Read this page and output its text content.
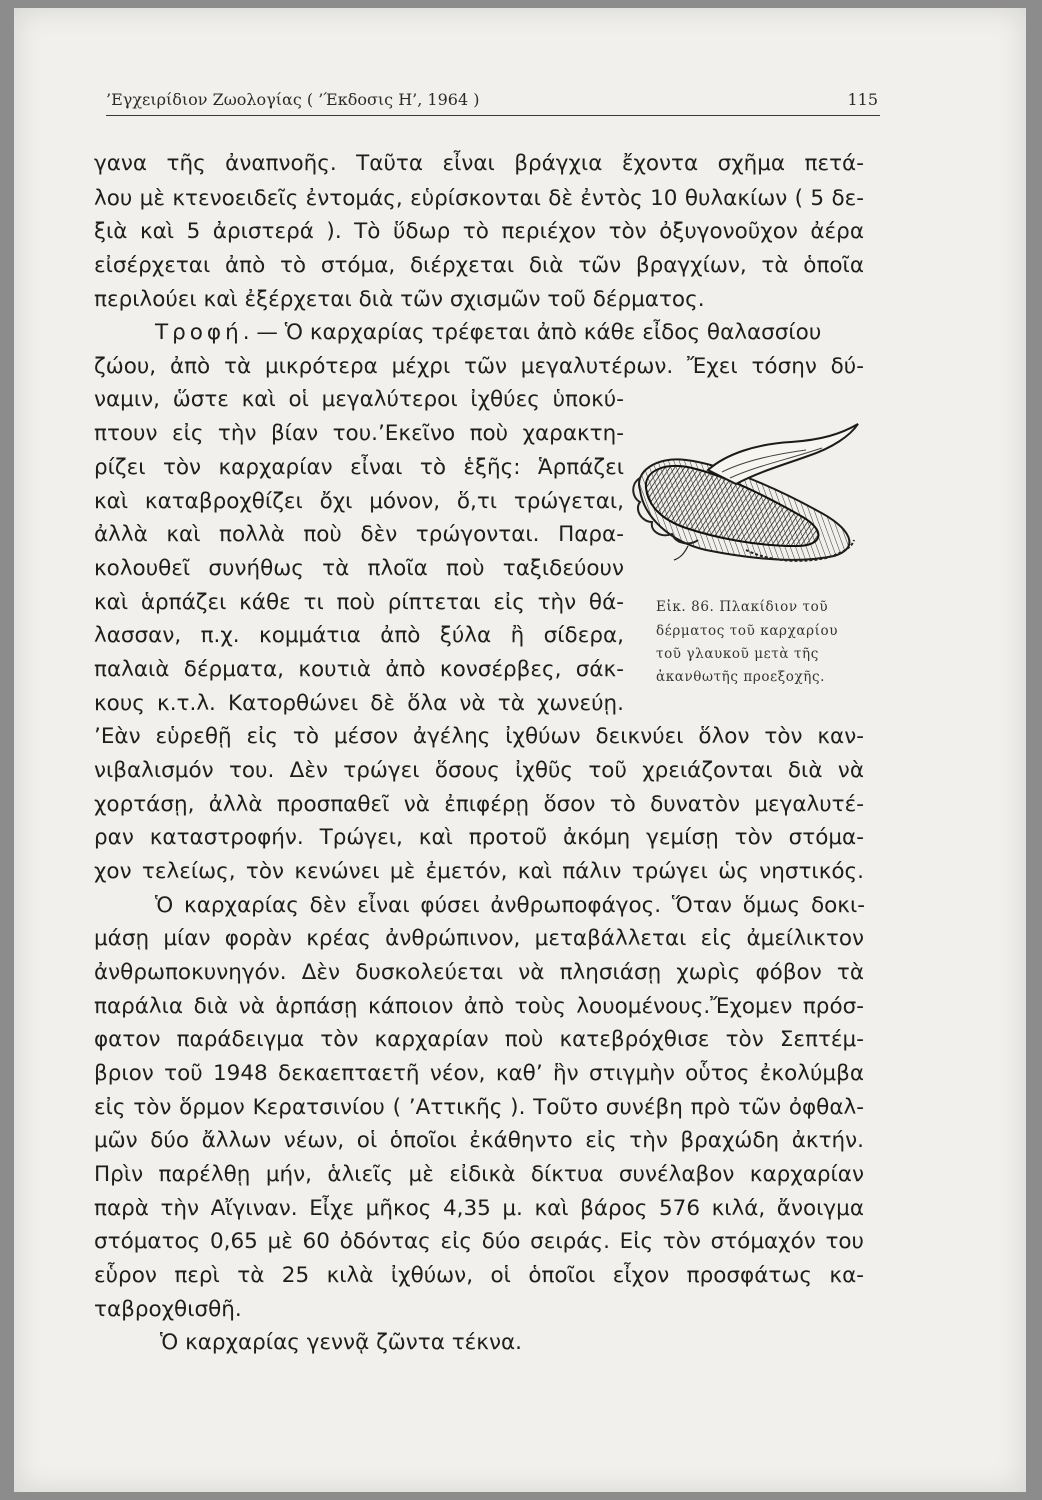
’Εγχειρίδιον Ζωολογίας ( ’Έκδοσις Η’, 1964 )	115
γανα τῆς ἀναπνοῆς. Ταῦτα εἶναι βράγχια ἔχοντα σχῆμα πετά-
λου μὲ κτενοειδεῖς ἐντομάς, εὑρίσκονται δὲ ἐντὸς 10 θυλακίων ( 5 δε-
ξιὰ καὶ 5 ἀριστερά ). Τὸ ὕδωρ τὸ περιέχον τὸν ὀξυγονοῦχον ἀέρα
εἰσέρχεται ἀπὸ τὸ στόμα, διέρχεται διὰ τῶν βραγχίων, τὰ ὁποῖα
περιλούει καὶ ἐξέρχεται διὰ τῶν σχισμῶν τοῦ δέρματος.
Τροφή. — Ὁ καρχαρίας τρέφεται ἀπὸ κάθε εἶδος θαλασσίου
ζώου, ἀπὸ τὰ μικρότερα μέχρι τῶν μεγαλυτέρων. Ἔχει τόσην δύ-
ναμιν, ὥστε καὶ οἱ μεγαλύτεροι ἰχθύες ὑποκύ-
πτουν εἰς τὴν βίαν του.’Εκεῖνο ποὺ χαρακτη-
ρίζει τὸν καρχαρίαν εἶναι τὸ ἑξῆς: Ἁρπάζει
καὶ καταβροχθίζει ὄχι μόνον, ὅ,τι τρώγεται,
ἀλλὰ καὶ πολλὰ ποὺ δὲν τρώγονται. Παρα-
κολουθεῖ συνήθως τὰ πλοῖα ποὺ ταξιδεύουν
καὶ ἁρπάζει κάθε τι ποὺ ρίπτεται εἰς τὴν θά-
λασσαν, π.χ. κομμάτια ἀπὸ ξύλα ἢ σίδερα,
παλαιὰ δέρματα, κουτιὰ ἀπὸ κονσέρβες, σάκ-
κους κ.τ.λ. Κατορθώνει δὲ ὅλα νὰ τὰ χωνεύῃ.
’Εὰν εὑρεθῇ εἰς τὸ μέσον ἀγέλης ἰχθύων δεικνύει ὅλον τὸν καν-
νιβαλισμόν του. Δὲν τρώγει ὅσους ἰχθῦς τοῦ χρειάζονται διὰ νὰ
χορτάσῃ, ἀλλὰ προσπαθεῖ νὰ ἐπιφέρῃ ὅσον τὸ δυνατὸν μεγαλυτέ-
ραν καταστροφήν. Τρώγει, καὶ προτοῦ ἀκόμη γεμίσῃ τὸν στόμα-
χον τελείως, τὸν κενώνει μὲ ἐμετόν, καὶ πάλιν τρώγει ὡς νηστικός.
Ὁ καρχαρίας δὲν εἶναι φύσει ἀνθρωποφάγος. Ὅταν ὅμως δοκι-
μάσῃ μίαν φορὰν κρέας ἀνθρώπινον, μεταβάλλεται εἰς ἀμείλικτον
ἀνθρωποκυνηγόν. Δὲν δυσκολεύεται νὰ πλησιάσῃ χωρὶς φόβον τὰ
παράλια διὰ νὰ ἁρπάσῃ κάποιον ἀπὸ τοὺς λουομένους.Ἔχομεν πρόσ-
φατον παράδειγμα τὸν καρχαρίαν ποὺ κατεβρόχθισε τὸν Σεπτέμ-
βριον τοῦ 1948 δεκαεπταετῆ νέον, καθ’ ἣν στιγμὴν οὗτος ἐκολύμβα
εἰς τὸν ὅρμον Κερατσινίου ( ’Αττικῆς ). Τοῦτο συνέβη πρὸ τῶν ὀφθαλ-
μῶν δύο ἄλλων νέων, οἱ ὁποῖοι ἐκάθηντο εἰς τὴν βραχώδη ἀκτήν.
Πρὶν παρέλθῃ μήν, ἁλιεῖς μὲ εἰδικὰ δίκτυα συνέλαβον καρχαρίαν
παρὰ τὴν Αἴγιναν. Εἶχε μῆκος 4,35 μ. καὶ βάρος 576 κιλά, ἄνοιγμα
στόματος 0,65 μὲ 60 ὀδόντας εἰς δύο σειράς. Εἰς τὸν στόμαχόν του
εὗρον περὶ τὰ 25 κιλὰ ἰχθύων, οἱ ὁποῖοι εἶχον προσφάτως κα-
ταβροχθισθῆ.
Ὁ καρχαρίας γεννᾷ ζῶντα τέκνα.
Εἰκ. 86. Πλακίδιον τοῦ
δέρματος τοῦ καρχαρίου
τοῦ γλαυκοῦ μετὰ τῆς
ἀκανθωτῆς προεξοχῆς.
